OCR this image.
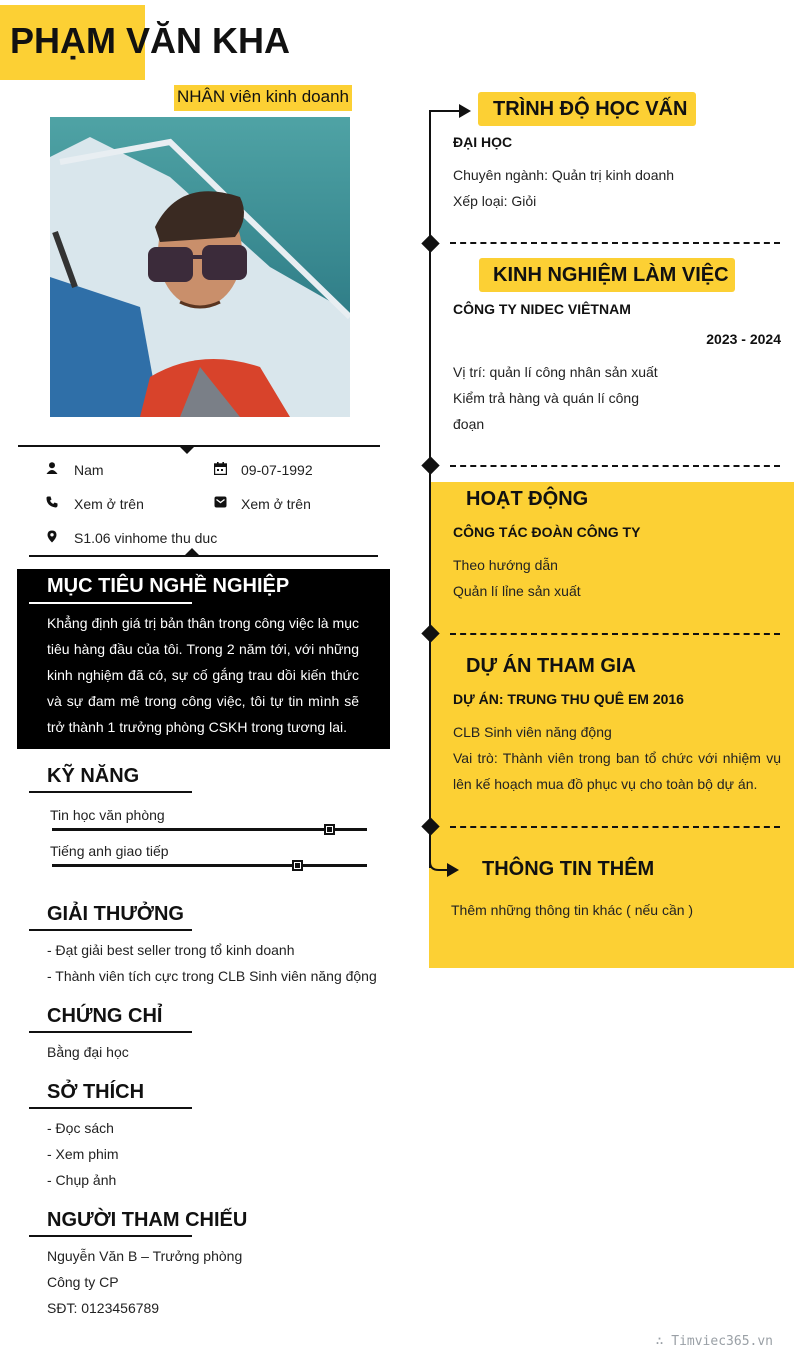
PHẠM VĂN KHA
NHÂN viên kinh doanh
Nam	09-07-1992
Xem ở trên	Xem ở trên
S1.06 vinhome thu duc
MỤC TIÊU NGHỀ NGHIỆP
Khẳng định giá trị bản thân trong công việc là mục tiêu hàng đầu của tôi. Trong 2 năm tới, với những kinh nghiệm đã có, sự cố gắng trau dồi kiến thức và sự đam mê trong công việc, tôi tự tin mình sẽ trở thành 1 trưởng phòng CSKH trong tương lai.
KỸ NĂNG
Tin học văn phòng
Tiếng anh giao tiếp
GIẢI THƯỞNG
- Đạt giải best seller trong tổ kinh doanh
- Thành viên tích cực trong CLB Sinh viên năng động
CHỨNG CHỈ
Bằng đại học
SỞ THÍCH
- Đọc sách
- Xem phim
- Chụp ảnh
NGƯỜI THAM CHIẾU
Nguyễn Văn B – Trưởng phòng
Công ty CP
SĐT: 0123456789
TRÌNH ĐỘ HỌC VẤN
ĐẠI HỌC
Chuyên ngành: Quản trị kinh doanh
Xếp loại: Giỏi
KINH NGHIỆM LÀM VIỆC
CÔNG TY NIDEC VIÊTNAM
2023 - 2024
Vị trí: quản lí công nhân sản xuất
Kiểm trả hàng và quán lí công đoạn
HOẠT ĐỘNG
CÔNG TÁC ĐOÀN CÔNG TY
Theo hướng dẫn
Quản lí lỉne sản xuất
DỰ ÁN THAM GIA
DỰ ÁN: TRUNG THU QUÊ EM 2016
CLB Sinh viên năng động
Vai trò: Thành viên trong ban tổ chức với nhiệm vụ lên kế hoạch mua đồ phục vụ cho toàn bộ dự án.
THÔNG TIN THÊM
Thêm những thông tin khác ( nếu cần )
∴ Timviec365.vn
